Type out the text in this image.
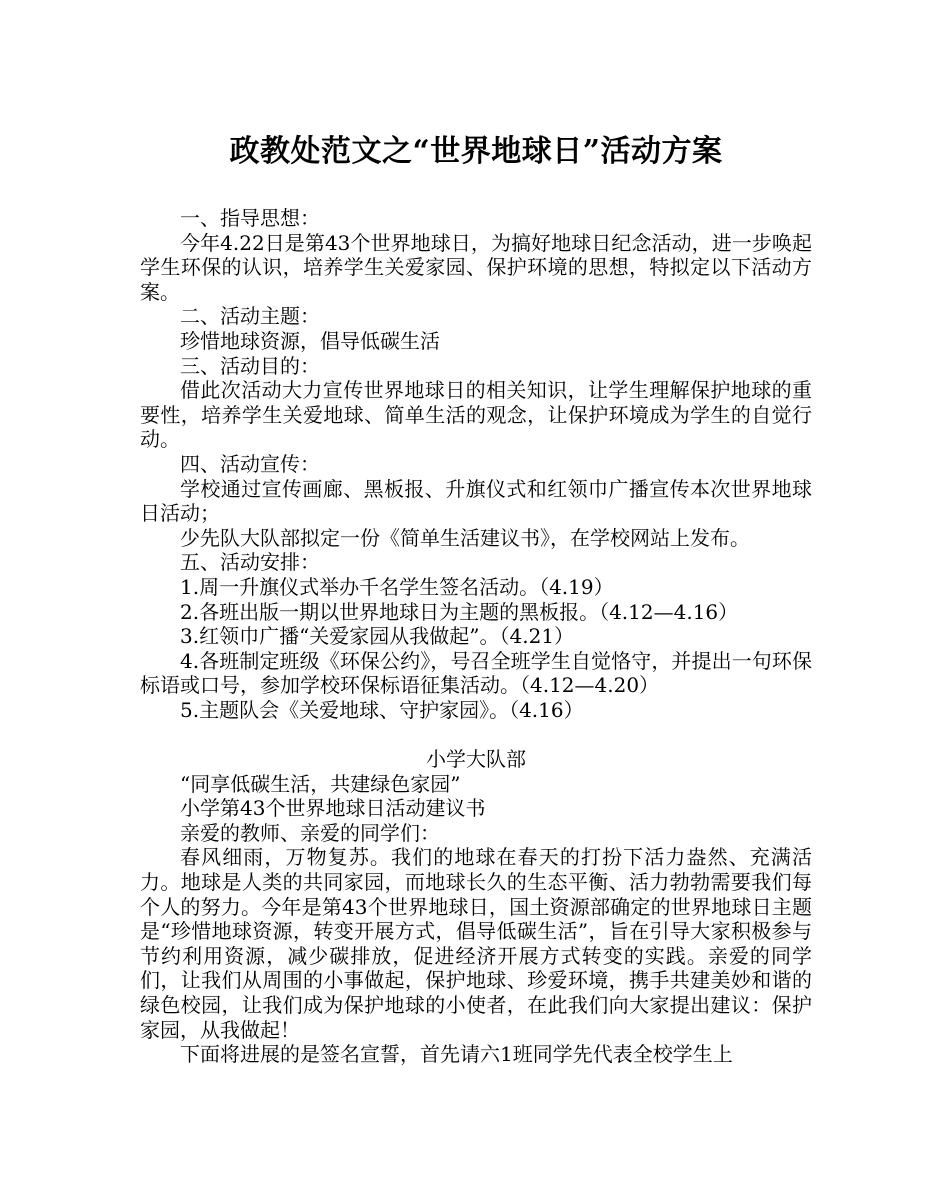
政教处范文之“世界地球日”活动方案

一、指导思想：

今年4.22日是第43个世界地球日，为搞好地球日纪念活动，进一步唤起学生环保的认识，培养学生关爱家园、保护环境的思想，特拟定以下活动方案。

二、活动主题：

珍惜地球资源，倡导低碳生活

三、活动目的：

借此次活动大力宣传世界地球日的相关知识，让学生理解保护地球的重要性，培养学生关爱地球、简单生活的观念，让保护环境成为学生的自觉行动。

四、活动宣传：

学校通过宣传画廊、黑板报、升旗仪式和红领巾广播宣传本次世界地球日活动；

少先队大队部拟定一份《简单生活建议书》，在学校网站上发布。

五、活动安排：

1.周一升旗仪式举办千名学生签名活动。（4.19）

2.各班出版一期以世界地球日为主题的黑板报。（4.12—4.16）

3.红领巾广播“关爱家园从我做起”。（4.21）

4.各班制定班级《环保公约》，号召全班学生自觉恪守，并提出一句环保标语或口号，参加学校环保标语征集活动。（4.12—4.20）

5.主题队会《关爱地球、守护家园》。（4.16）

小学大队部

“同享低碳生活，共建绿色家园”

小学第43个世界地球日活动建议书

亲爱的教师、亲爱的同学们：

春风细雨，万物复苏。我们的地球在春天的打扮下活力盎然、充满活力。地球是人类的共同家园，而地球长久的生态平衡、活力勃勃需要我们每个人的努力。今年是第43个世界地球日，国土资源部确定的世界地球日主题是“珍惜地球资源，转变开展方式，倡导低碳生活”，旨在引导大家积极参与节约利用资源，减少碳排放，促进经济开展方式转变的实践。亲爱的同学们，让我们从周围的小事做起，保护地球、珍爱环境，携手共建美妙和谐的绿色校园，让我们成为保护地球的小使者，在此我们向大家提出建议：保护家园，从我做起！

下面将进展的是签名宣誓，首先请六1班同学先代表全校学生上
